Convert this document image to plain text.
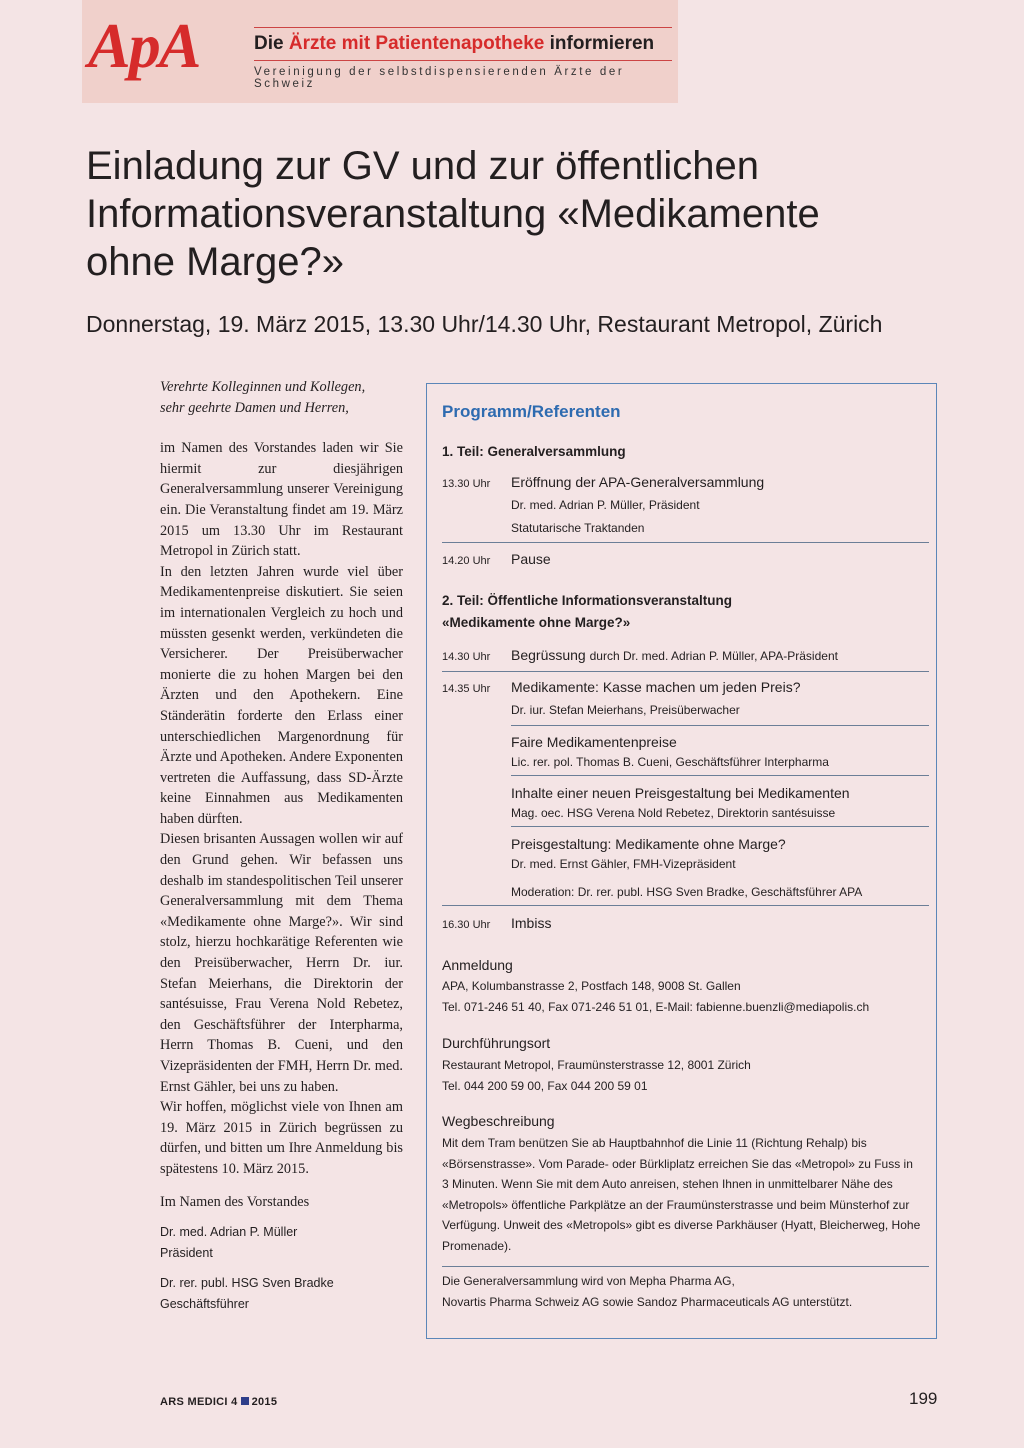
ApA	Die Ärzte mit Patientenapotheke informieren
Vereinigung der selbstdispensierenden Ärzte der Schweiz
Einladung zur GV und zur öffentlichen
Informationsveranstaltung «Medikamente
ohne Marge?»
Donnerstag, 19. März 2015, 13.30 Uhr/14.30 Uhr, Restaurant Metropol, Zürich

Verehrte Kolleginnen und Kollegen,
sehr geehrte Damen und Herren,

im Namen des Vorstandes laden wir Sie hiermit zur diesjährigen Generalversammlung unserer Vereinigung ein. Die Veranstaltung findet am 19. März 2015 um 13.30 Uhr im Restaurant Metropol in Zürich statt.

In den letzten Jahren wurde viel über Medikamentenpreise diskutiert. Sie seien im internationalen Vergleich zu hoch und müssten gesenkt werden, verkündeten die Versicherer. Der Preisüberwacher monierte die zu hohen Margen bei den Ärzten und den Apothekern. Eine Ständerätin forderte den Erlass einer unterschiedlichen Margenordnung für Ärzte und Apotheken. Andere Exponenten vertreten die Auffassung, dass SD-Ärzte keine Einnahmen aus Medikamenten haben dürften.

Diesen brisanten Aussagen wollen wir auf den Grund gehen. Wir befassen uns deshalb im standespolitischen Teil unserer Generalversammlung mit dem Thema «Medikamente ohne Marge?». Wir sind stolz, hierzu hochkarätige Referenten wie den Preisüberwacher, Herrn Dr. iur. Stefan Meierhans, die Direktorin der santésuisse, Frau Verena Nold Rebetez, den Geschäftsführer der Interpharma, Herrn Thomas B. Cueni, und den Vizepräsidenten der FMH, Herrn Dr. med. Ernst Gähler, bei uns zu haben.

Wir hoffen, möglichst viele von Ihnen am 19. März 2015 in Zürich begrüssen zu dürfen, und bitten um Ihre Anmeldung bis spätestens 10. März 2015.

Im Namen des Vorstandes

Dr. med. Adrian P. Müller
Präsident
Dr. rer. publ. HSG Sven Bradke
Geschäftsführer
Programm/Referenten
1. Teil: Generalversammlung
13.30 Uhr Eröffnung der APA-Generalversammlung
Dr. med. Adrian P. Müller, Präsident
Statutarische Traktanden
14.20 Uhr Pause
2. Teil: Öffentliche Informationsveranstaltung
«Medikamente ohne Marge?»
14.30 Uhr Begrüssung durch Dr. med. Adrian P. Müller, APA-Präsident
14.35 Uhr Medikamente: Kasse machen um jeden Preis?
Dr. iur. Stefan Meierhans, Preisüberwacher
Faire Medikamentenpreise
Lic. rer. pol. Thomas B. Cueni, Geschäftsführer Interpharma
Inhalte einer neuen Preisgestaltung bei Medikamenten
Mag. oec. HSG Verena Nold Rebetez, Direktorin santésuisse
Preisgestaltung: Medikamente ohne Marge?
Dr. med. Ernst Gähler, FMH-Vizepräsident
Moderation: Dr. rer. publ. HSG Sven Bradke, Geschäftsführer APA
16.30 Uhr Imbiss
Anmeldung
APA, Kolumbanstrasse 2, Postfach 148, 9008 St. Gallen
Tel. 071-246 51 40, Fax 071-246 51 01, E-Mail: fabienne.buenzli@mediapolis.ch
Durchführungsort
Restaurant Metropol, Fraumünsterstrasse 12, 8001 Zürich
Tel. 044 200 59 00, Fax 044 200 59 01
Wegbeschreibung
Mit dem Tram benützen Sie ab Hauptbahnhof die Linie 11 (Richtung Rehalp) bis «Börsenstrasse». Vom Parade- oder Bürkliplatz erreichen Sie das «Metropol» zu Fuss in 3 Minuten. Wenn Sie mit dem Auto anreisen, stehen Ihnen in unmittelbarer Nähe des «Metropols» öffentliche Parkplätze an der Fraumünsterstrasse und beim Münsterhof zur Verfügung. Unweit des «Metropols» gibt es diverse Parkhäuser (Hyatt, Bleicherweg, Hohe Promenade).
Die Generalversammlung wird von Mepha Pharma AG,
Novartis Pharma Schweiz AG sowie Sandoz Pharmaceuticals AG unterstützt.
ARS MEDICI 4 2015	199
